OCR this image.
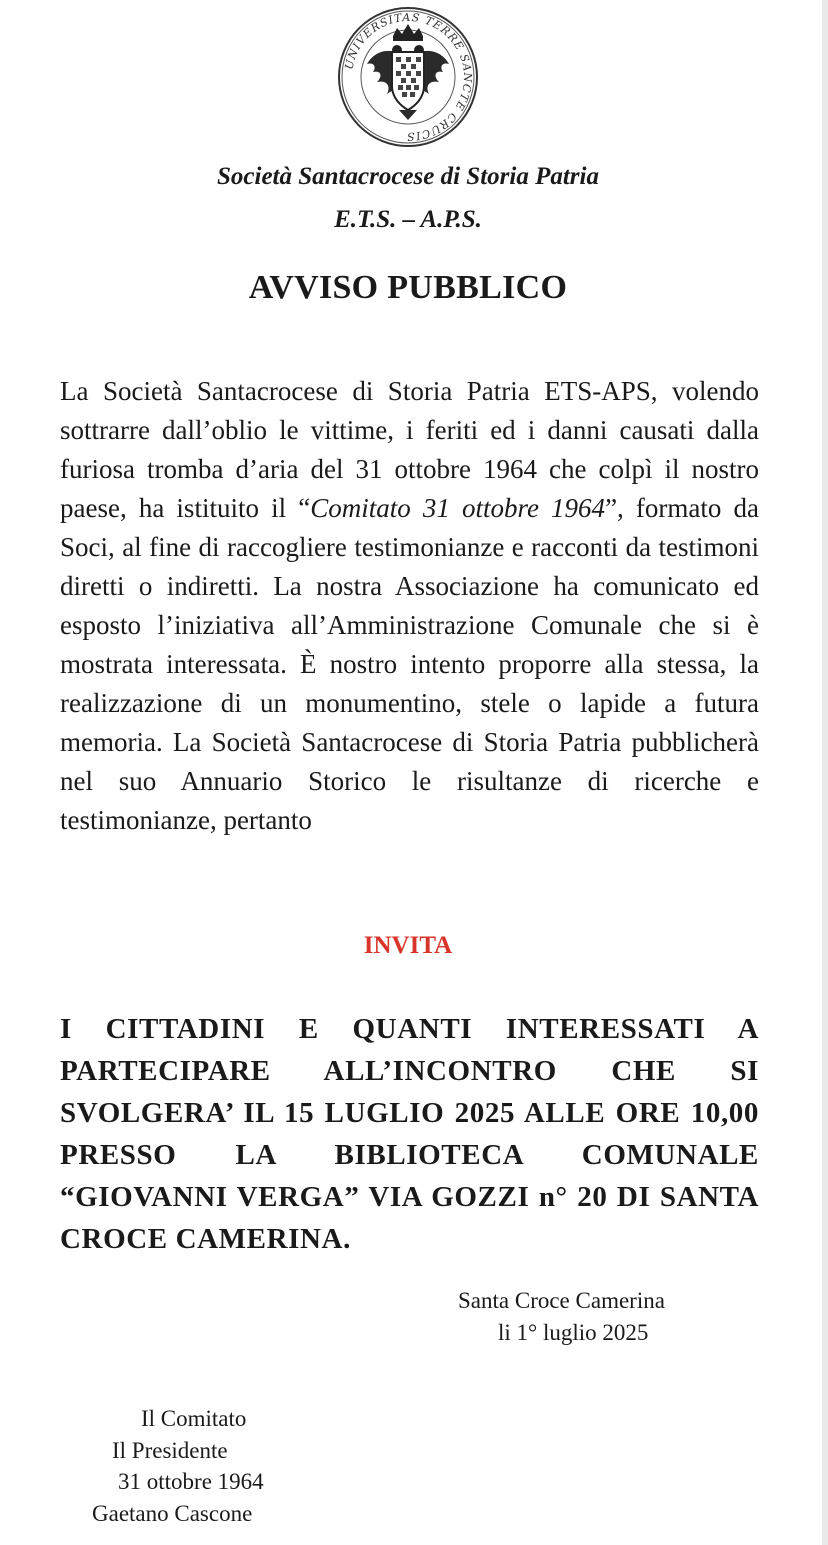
UNIVERSITAS TERRE SANCTE CRUCIS
Società Santacrocese di Storia Patria
E.T.S. – A.P.S.
AVVISO PUBBLICO

La Società Santacrocese di Storia Patria ETS-APS, volendo sottrarre dall’oblio le vittime, i feriti ed i danni causati dalla furiosa tromba d’aria del 31 ottobre 1964 che colpì il nostro paese, ha istituito il “Comitato 31 ottobre 1964”, formato da Soci, al fine di raccogliere testimonianze e racconti da testimoni diretti o indiretti. La nostra Associazione ha comunicato ed esposto l’iniziativa all’Amministrazione Comunale che si è mostrata interessata. È nostro intento proporre alla stessa, la realizzazione di un monumentino, stele o lapide a futura memoria. La Società Santacrocese di Storia Patria pubblicherà nel suo Annuario Storico le risultanze di ricerche e testimonianze, pertanto

INVITA

I CITTADINI E QUANTI INTERESSATI A PARTECIPARE ALL’INCONTRO CHE SI SVOLGERA’ IL 15 LUGLIO 2025 ALLE ORE 10,00 PRESSO LA BIBLIOTECA COMUNALE “GIOVANNI VERGA” VIA GOZZI n° 20 DI SANTA CROCE CAMERINA.

Santa Croce Camerina
li 1° luglio 2025
Il Comitato
Il Presidente
31 ottobre 1964
Gaetano Cascone
